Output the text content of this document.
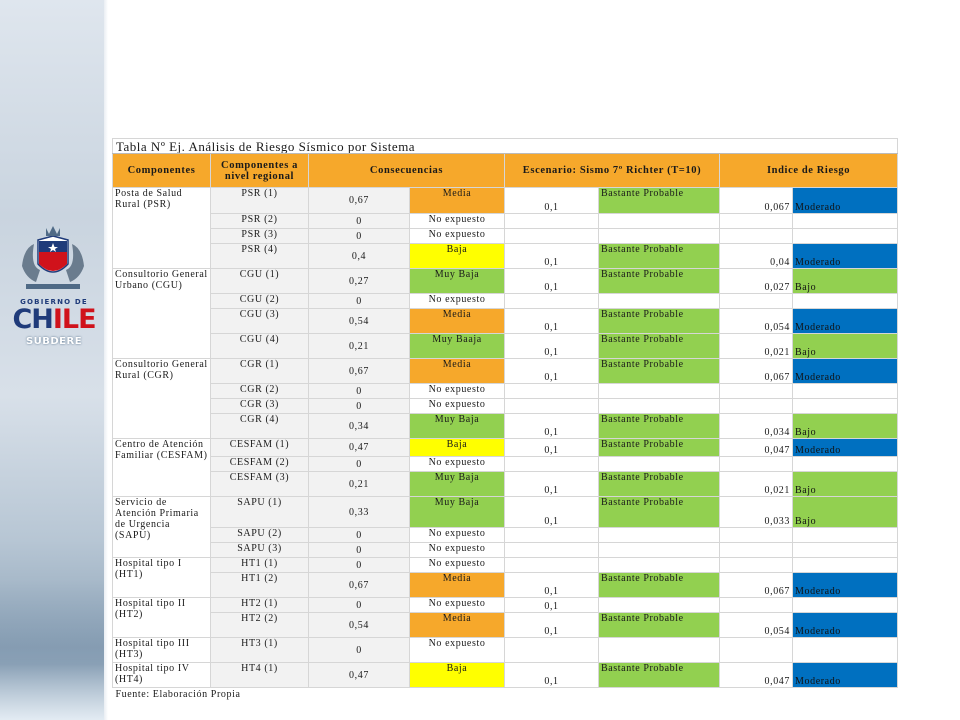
GOBIERNO DE
CHILE
SUBDERE
Tabla Nº Ej. Análisis de Riesgo Sísmico por Sistema							
Componentes	Componentes a nivel regional	Consecuencias		Escenario: Sismo 7º Richter (T=10)		Indice de Riesgo	
Posta de Salud Rural (PSR)	PSR (1)	0,67	Media	0,1	Bastante Probable	0,067	Moderado
	PSR (2)	0	No expuesto				
	PSR (3)	0	No expuesto				
	PSR (4)	0,4	Baja	0,1	Bastante Probable	0,04	Moderado
Consultorio General Urbano (CGU)	CGU (1)	0,27	Muy Baja	0,1	Bastante Probable	0,027	Bajo
	CGU (2)	0	No expuesto				
	CGU (3)	0,54	Media	0,1	Bastante Probable	0,054	Moderado
	CGU (4)	0,21	Muy Baaja	0,1	Bastante Probable	0,021	Bajo
Consultorio General Rural (CGR)	CGR (1)	0,67	Media	0,1	Bastante Probable	0,067	Moderado
	CGR (2)	0	No expuesto				
	CGR (3)	0	No expuesto				
	CGR (4)	0,34	Muy Baja	0,1	Bastante Probable	0,034	Bajo
Centro de Atención Familiar (CESFAM)	CESFAM (1)	0,47	Baja	0,1	Bastante Probable	0,047	Moderado
	CESFAM (2)	0	No expuesto				
	CESFAM (3)	0,21	Muy Baja	0,1	Bastante Probable	0,021	Bajo
Servicio de Atención Primaria de Urgencia (SAPU)	SAPU (1)	0,33	Muy Baja	0,1	Bastante Probable	0,033	Bajo
	SAPU (2)	0	No expuesto				
	SAPU (3)	0	No expuesto				
Hospital tipo I (HT1)	HT1 (1)	0	No expuesto				
	HT1 (2)	0,67	Media	0,1	Bastante Probable	0,067	Moderado
Hospital tipo II (HT2)	HT2 (1)	0	No expuesto	0,1			
	HT2 (2)	0,54	Media	0,1	Bastante Probable	0,054	Moderado
Hospital tipo III (HT3)	HT3 (1)	0	No expuesto				
Hospital tipo IV (HT4)	HT4 (1)	0,47	Baja	0,1	Bastante Probable	0,047	Moderado
Fuente: Elaboración Propia							
